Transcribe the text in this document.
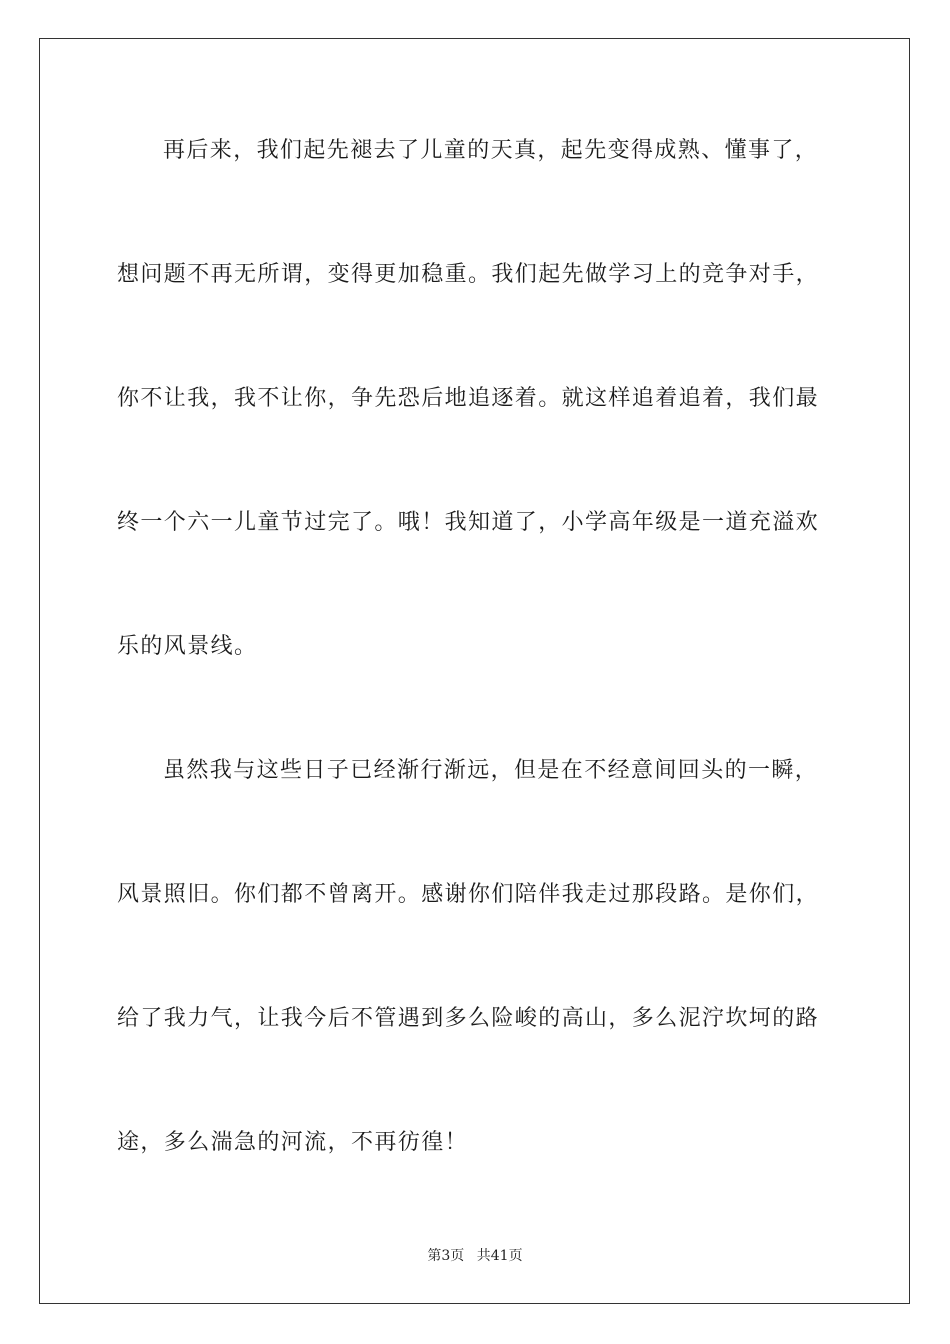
再后来，我们起先褪去了儿童的天真，起先变得成熟、懂事了，
想问题不再无所谓，变得更加稳重。我们起先做学习上的竞争对手，
你不让我，我不让你，争先恐后地追逐着。就这样追着追着，我们最
终一个六一儿童节过完了。哦！我知道了，小学高年级是一道充溢欢
乐的风景线。
虽然我与这些日子已经渐行渐远，但是在不经意间回头的一瞬，
风景照旧。你们都不曾离开。感谢你们陪伴我走过那段路。是你们，
给了我力气，让我今后不管遇到多么险峻的高山，多么泥泞坎坷的路
途，多么湍急的河流，不再彷徨！
第3页 共41页
